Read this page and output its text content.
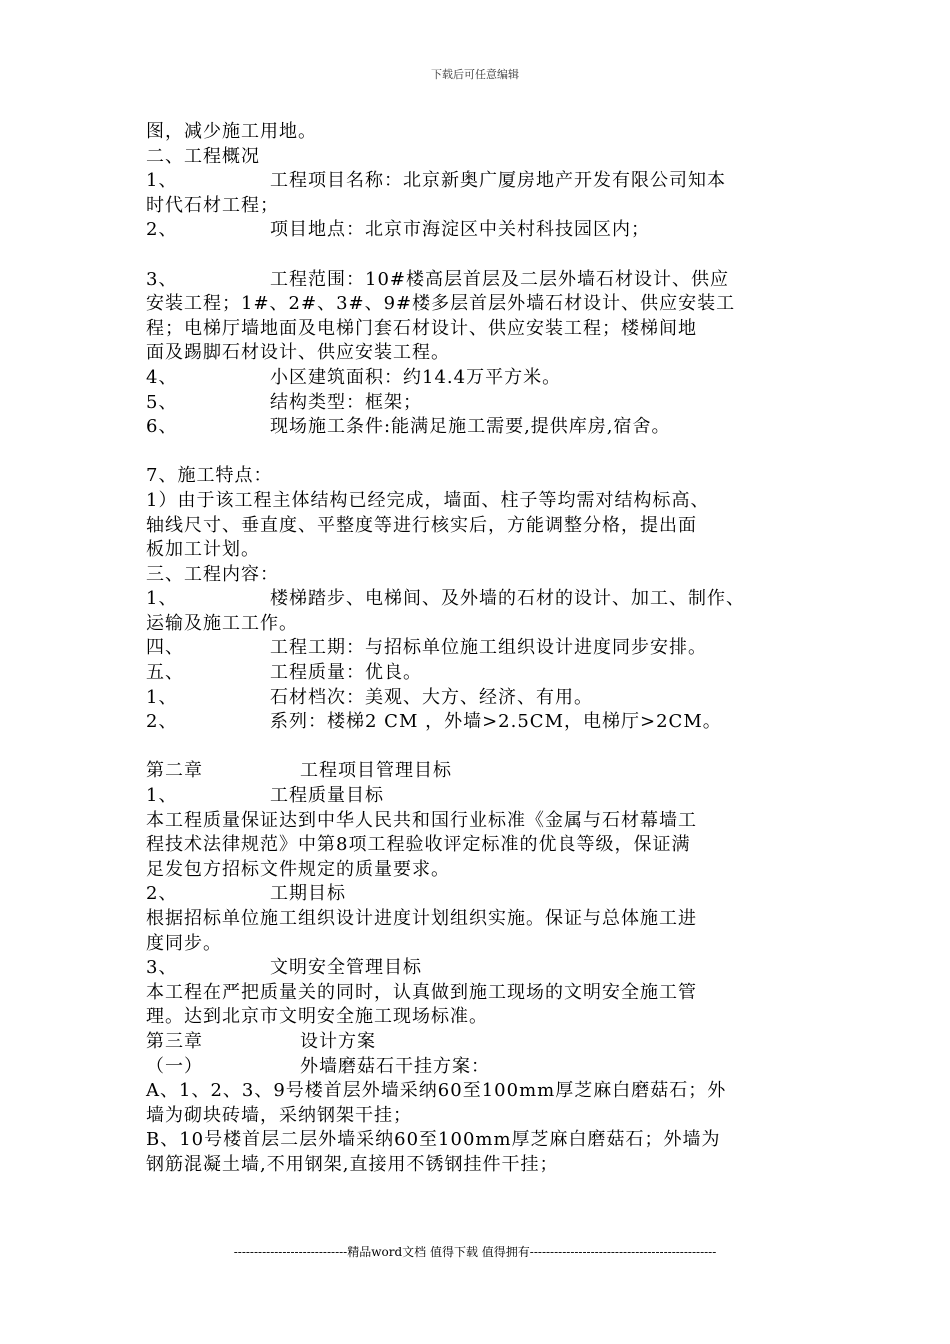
下载后可任意编辑
图，减少施工用地。
二、工程概况
1、	工程项目名称：北京新奥广厦房地产开发有限公司知本
时代石材工程；
2、	项目地点：北京市海淀区中关村科技园区内；
3、	工程范围：10#楼高层首层及二层外墙石材设计、供应
安装工程；1#、2#、3#、9#楼多层首层外墙石材设计、供应安装工
程；电梯厅墙地面及电梯门套石材设计、供应安装工程；楼梯间地
面及踢脚石材设计、供应安装工程。
4、	小区建筑面积：约14.4万平方米。
5、	结构类型：框架；
6、	现场施工条件:能满足施工需要,提供库房,宿舍。
7、施工特点：
1）由于该工程主体结构已经完成，墙面、柱子等均需对结构标高、
轴线尺寸、垂直度、平整度等进行核实后，方能调整分格，提出面
板加工计划。
三、工程内容：
1、	楼梯踏步、电梯间、及外墙的石材的设计、加工、制作、
运输及施工工作。
四、	工程工期：与招标单位施工组织设计进度同步安排。
五、	工程质量：优良。
1、	石材档次：美观、大方、经济、有用。
2、	系列：楼梯2 CM ，外墙>2.5CM，电梯厅>2CM。
第二章	工程项目管理目标
1、	工程质量目标
本工程质量保证达到中华人民共和国行业标准《金属与石材幕墙工
程技术法律规范》中第8项工程验收评定标准的优良等级，保证满
足发包方招标文件规定的质量要求。
2、	工期目标
根据招标单位施工组织设计进度计划组织实施。保证与总体施工进
度同步。
3、	文明安全管理目标
本工程在严把质量关的同时，认真做到施工现场的文明安全施工管
理。达到北京市文明安全施工现场标准。
第三章	设计方案
（一）	外墙磨菇石干挂方案：
A、1、2、3、9号楼首层外墙采纳60至100mm厚芝麻白磨菇石；外
墙为砌块砖墙，采纳钢架干挂；
B、10号楼首层二层外墙采纳60至100mm厚芝麻白磨菇石；外墙为
钢筋混凝土墙,不用钢架,直接用不锈钢挂件干挂；
----------------------------精品word文档 值得下载 值得拥有----------------------------------------------
